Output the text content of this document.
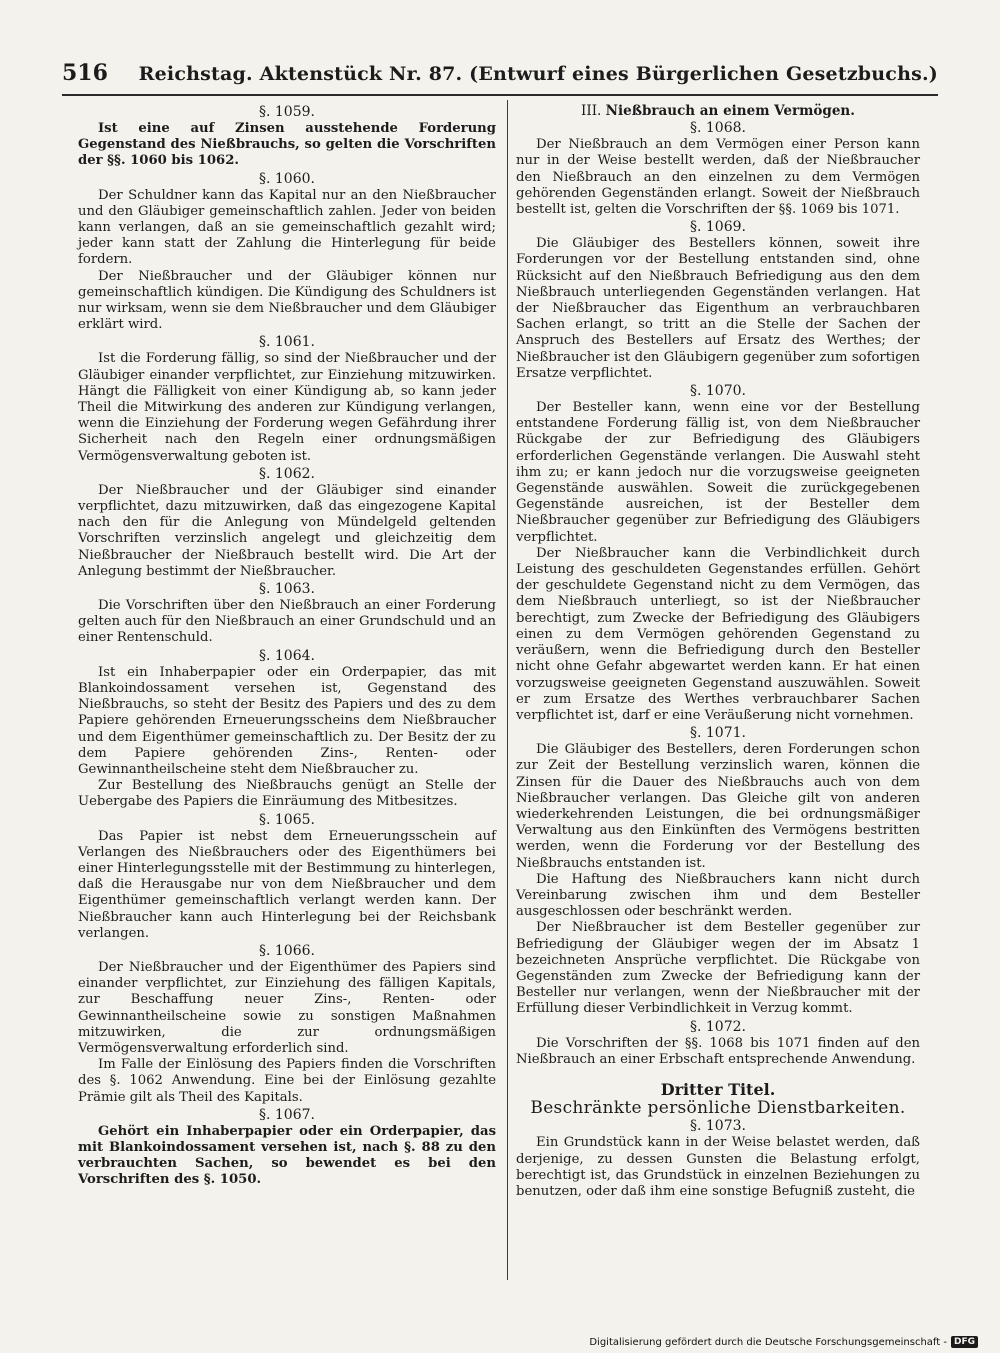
516	Reichstag. Aktenstück Nr. 87. (Entwurf eines Bürgerlichen Gesetzbuchs.)
§. 1059.
Ist eine auf Zinsen ausstehende Forderung Gegenstand des Nießbrauchs, so gelten die Vorschriften der §§. 1060 bis 1062.
§. 1060.
Der Schuldner kann das Kapital nur an den Nießbraucher und den Gläubiger gemeinschaftlich zahlen. Jeder von beiden kann verlangen, daß an sie gemeinschaftlich gezahlt wird; jeder kann statt der Zahlung die Hinterlegung für beide fordern.
Der Nießbraucher und der Gläubiger können nur gemeinschaftlich kündigen. Die Kündigung des Schuldners ist nur wirksam, wenn sie dem Nießbraucher und dem Gläubiger erklärt wird.
§. 1061.
Ist die Forderung fällig, so sind der Nießbraucher und der Gläubiger einander verpflichtet, zur Einziehung mitzuwirken. Hängt die Fälligkeit von einer Kündigung ab, so kann jeder Theil die Mitwirkung des anderen zur Kündigung verlangen, wenn die Einziehung der Forderung wegen Gefährdung ihrer Sicherheit nach den Regeln einer ordnungsmäßigen Vermögensverwaltung geboten ist.
§. 1062.
Der Nießbraucher und der Gläubiger sind einander verpflichtet, dazu mitzuwirken, daß das eingezogene Kapital nach den für die Anlegung von Mündelgeld geltenden Vorschriften verzinslich angelegt und gleichzeitig dem Nießbraucher der Nießbrauch bestellt wird. Die Art der Anlegung bestimmt der Nießbraucher.
§. 1063.
Die Vorschriften über den Nießbrauch an einer Forderung gelten auch für den Nießbrauch an einer Grundschuld und an einer Rentenschuld.
§. 1064.
Ist ein Inhaberpapier oder ein Orderpapier, das mit Blankoindossament versehen ist, Gegenstand des Nießbrauchs, so steht der Besitz des Papiers und des zu dem Papiere gehörenden Erneuerungsscheins dem Nießbraucher und dem Eigenthümer gemeinschaftlich zu. Der Besitz der zu dem Papiere gehörenden Zins-, Renten- oder Gewinnantheilscheine steht dem Nießbraucher zu.
Zur Bestellung des Nießbrauchs genügt an Stelle der Uebergabe des Papiers die Einräumung des Mitbesitzes.
§. 1065.
Das Papier ist nebst dem Erneuerungsschein auf Verlangen des Nießbrauchers oder des Eigenthümers bei einer Hinterlegungsstelle mit der Bestimmung zu hinterlegen, daß die Herausgabe nur von dem Nießbraucher und dem Eigenthümer gemeinschaftlich verlangt werden kann. Der Nießbraucher kann auch Hinterlegung bei der Reichsbank verlangen.
§. 1066.
Der Nießbraucher und der Eigenthümer des Papiers sind einander verpflichtet, zur Einziehung des fälligen Kapitals, zur Beschaffung neuer Zins-, Renten- oder Gewinnantheilscheine sowie zu sonstigen Maßnahmen mitzuwirken, die zur ordnungsmäßigen Vermögensverwaltung erforderlich sind.
Im Falle der Einlösung des Papiers finden die Vorschriften des §. 1062 Anwendung. Eine bei der Einlösung gezahlte Prämie gilt als Theil des Kapitals.
§. 1067.
Gehört ein Inhaberpapier oder ein Orderpapier, das mit Blankoindossament versehen ist, nach §. 88 zu den verbrauchten Sachen, so bewendet es bei den Vorschriften des §. 1050.
III. Nießbrauch an einem Vermögen.
§. 1068.
Der Nießbrauch an dem Vermögen einer Person kann nur in der Weise bestellt werden, daß der Nießbraucher den Nießbrauch an den einzelnen zu dem Vermögen gehörenden Gegenständen erlangt. Soweit der Nießbrauch bestellt ist, gelten die Vorschriften der §§. 1069 bis 1071.
§. 1069.
Die Gläubiger des Bestellers können, soweit ihre Forderungen vor der Bestellung entstanden sind, ohne Rücksicht auf den Nießbrauch Befriedigung aus den dem Nießbrauch unterliegenden Gegenständen verlangen. Hat der Nießbraucher das Eigenthum an verbrauchbaren Sachen erlangt, so tritt an die Stelle der Sachen der Anspruch des Bestellers auf Ersatz des Werthes; der Nießbraucher ist den Gläubigern gegenüber zum sofortigen Ersatze verpflichtet.
§. 1070.
Der Besteller kann, wenn eine vor der Bestellung entstandene Forderung fällig ist, von dem Nießbraucher Rückgabe der zur Befriedigung des Gläubigers erforderlichen Gegenstände verlangen. Die Auswahl steht ihm zu; er kann jedoch nur die vorzugsweise geeigneten Gegenstände auswählen. Soweit die zurückgegebenen Gegenstände ausreichen, ist der Besteller dem Nießbraucher gegenüber zur Befriedigung des Gläubigers verpflichtet.
Der Nießbraucher kann die Verbindlichkeit durch Leistung des geschuldeten Gegenstandes erfüllen. Gehört der geschuldete Gegenstand nicht zu dem Vermögen, das dem Nießbrauch unterliegt, so ist der Nießbraucher berechtigt, zum Zwecke der Befriedigung des Gläubigers einen zu dem Vermögen gehörenden Gegenstand zu veräußern, wenn die Befriedigung durch den Besteller nicht ohne Gefahr abgewartet werden kann. Er hat einen vorzugsweise geeigneten Gegenstand auszuwählen. Soweit er zum Ersatze des Werthes verbrauchbarer Sachen verpflichtet ist, darf er eine Veräußerung nicht vornehmen.
§. 1071.
Die Gläubiger des Bestellers, deren Forderungen schon zur Zeit der Bestellung verzinslich waren, können die Zinsen für die Dauer des Nießbrauchs auch von dem Nießbraucher verlangen. Das Gleiche gilt von anderen wiederkehrenden Leistungen, die bei ordnungsmäßiger Verwaltung aus den Einkünften des Vermögens bestritten werden, wenn die Forderung vor der Bestellung des Nießbrauchs entstanden ist.
Die Haftung des Nießbrauchers kann nicht durch Vereinbarung zwischen ihm und dem Besteller ausgeschlossen oder beschränkt werden.
Der Nießbraucher ist dem Besteller gegenüber zur Befriedigung der Gläubiger wegen der im Absatz 1 bezeichneten Ansprüche verpflichtet. Die Rückgabe von Gegenständen zum Zwecke der Befriedigung kann der Besteller nur verlangen, wenn der Nießbraucher mit der Erfüllung dieser Verbindlichkeit in Verzug kommt.
§. 1072.
Die Vorschriften der §§. 1068 bis 1071 finden auf den Nießbrauch an einer Erbschaft entsprechende Anwendung.
Dritter Titel.
Beschränkte persönliche Dienstbarkeiten.
§. 1073.
Ein Grundstück kann in der Weise belastet werden, daß derjenige, zu dessen Gunsten die Belastung erfolgt, berechtigt ist, das Grundstück in einzelnen Beziehungen zu benutzen, oder daß ihm eine sonstige Befugniß zusteht, die
Digitalisierung gefördert durch die Deutsche Forschungsgemeinschaft - DFG
